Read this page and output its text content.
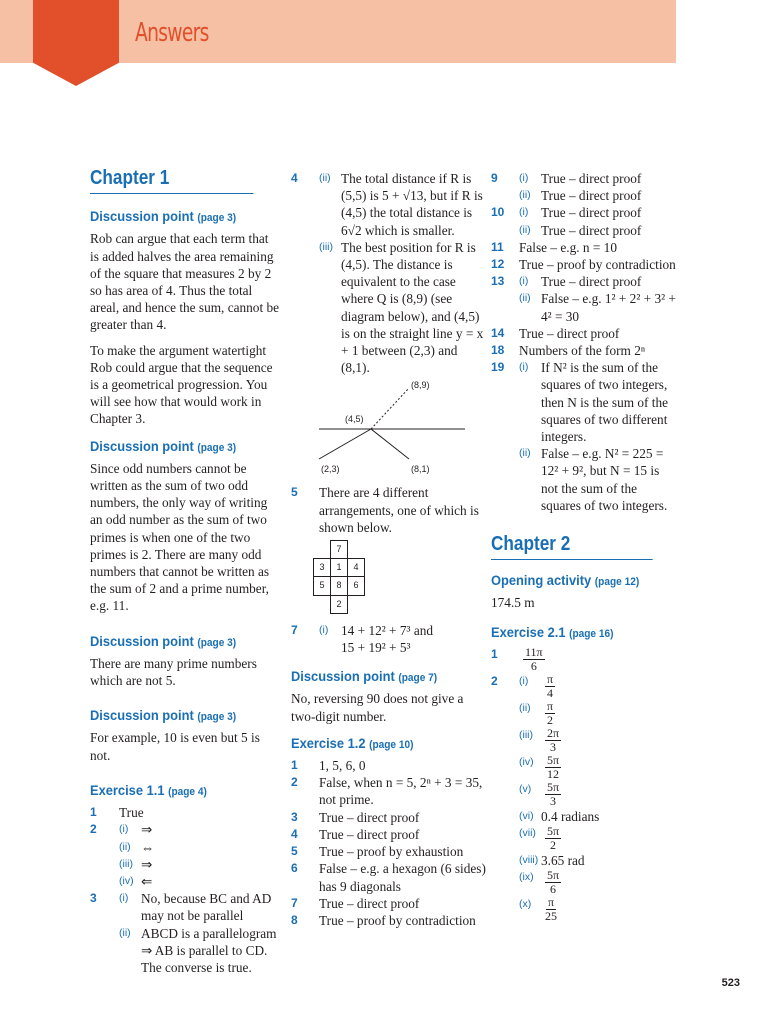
Answers
Chapter 1
Discussion point (page 3)

Rob can argue that each term that is added halves the area remaining of the square that measures 2 by 2 so has area of 4. Thus the total areal, and hence the sum, cannot be greater than 4.

To make the argument watertight Rob could argue that the sequence is a geometrical progression. You will see how that would work in Chapter 3.

Discussion point (page 3)

Since odd numbers cannot be written as the sum of two odd numbers, the only way of writing an odd number as the sum of two primes is when one of the two primes is 2. There are many odd numbers that cannot be written as the sum of 2 and a prime number, e.g. 11.

Discussion point (page 3)

There are many prime numbers which are not 5.

Discussion point (page 3)

For example, 10 is even but 5 is not.

Exercise 1.1 (page 4)
1 True
2 (i) ⇒
(ii) ⇔
(iii) ⇒
(iv) ⇐
3 (i) No, because BC and AD may not be parallel
(ii) ABCD is a parallelogram ⇒ AB is parallel to CD. The converse is true.
4 (ii) The total distance if R is (5,5) is 5 + √13, but if R is (4,5) the total distance is 6√2 which is smaller.
(iii) The best position for R is (4,5). The distance is equivalent to the case where Q is (8,9) (see diagram below), and (4,5) is on the straight line y = x + 1 between (2,3) and (8,1).
(8,9)
(4,5)
(2,3)	(8,1)
5 There are 4 different arrangements, one of which is shown below.
	7	
3	1	4
5	8	6
	2	
7 (i) 14 + 12² + 7³ and
15 + 19² + 5³
Discussion point (page 7)

No, reversing 90 does not give a two-digit number.

Exercise 1.2 (page 10)
1 1, 5, 6, 0
2 False, when n = 5, 2ⁿ + 3 = 35, not prime.
3 True – direct proof
4 True – direct proof
5 True – proof by exhaustion
6 False – e.g. a hexagon (6 sides) has 9 diagonals
7 True – direct proof
8 True – proof by contradiction
9 (i) True – direct proof
(ii) True – direct proof
10 (i) True – direct proof
(ii) True – direct proof
11 False – e.g. n = 10
12 True – proof by contradiction
13 (i) True – direct proof
(ii) False – e.g. 1² + 2² + 3² + 4² = 30
14 True – direct proof
18 Numbers of the form 2ⁿ
19 (i) If N² is the sum of the squares of two integers, then N is the sum of the squares of two different integers.
(ii) False – e.g. N² = 225 = 12² + 9², but N = 15 is not the sum of the squares of two integers.
Chapter 2
Opening activity (page 12)

174.5 m

Exercise 2.1 (page 16)
$1 \frac{11\pi}{6}$
2 $(i) \frac{\pi}{4}$
$(ii) \frac{\pi}{2}$
$(iii) \frac{2\pi}{3}$
$(iv) \frac{5\pi}{12}$
$(v) \frac{5\pi}{3}$
(vi) 0.4 radians
$(vii) \frac{5\pi}{2}$
(viii) 3.65 rad
$(ix) \frac{5\pi}{6}$
$(x) \frac{\pi}{25}$
523
